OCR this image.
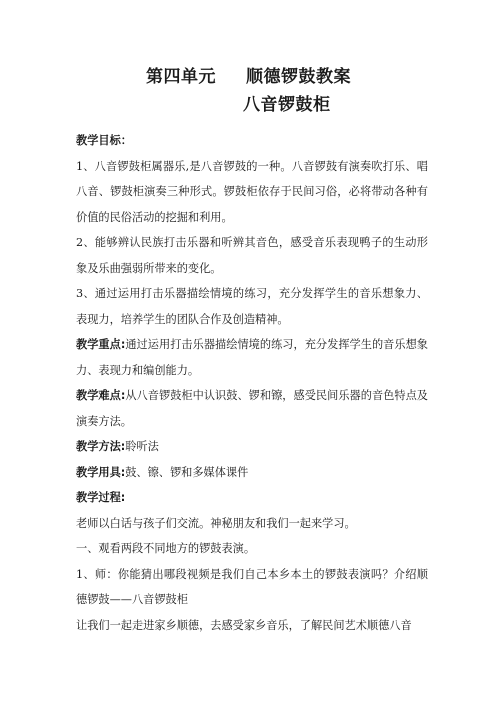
第四单元 顺德锣鼓教案
八音锣鼓柜

教学目标：

1、八音锣鼓柜属器乐,是八音锣鼓的一种。八音锣鼓有演奏吹打乐、唱八音、锣鼓柜演奏三种形式。锣鼓柜依存于民间习俗，必将带动各种有价值的民俗活动的挖掘和利用。

2、能够辨认民族打击乐器和听辨其音色，感受音乐表现鸭子的生动形象及乐曲强弱所带来的变化。

3、通过运用打击乐器描绘情境的练习，充分发挥学生的音乐想象力、表现力，培养学生的团队合作及创造精神。

教学重点:通过运用打击乐器描绘情境的练习，充分发挥学生的音乐想象力、表现力和编创能力。

教学难点:从八音锣鼓柜中认识鼓、锣和镲，感受民间乐器的音色特点及演奏方法。

教学方法:聆听法

教学用具:鼓、镲、锣和多媒体课件

教学过程:

老师以白话与孩子们交流。神秘朋友和我们一起来学习。

一、观看两段不同地方的锣鼓表演。

1、师：你能猜出哪段视频是我们自己本乡本土的锣鼓表演吗？介绍顺德锣鼓——八音锣鼓柜

让我们一起走进家乡顺德，去感受家乡音乐，了解民间艺术顺德八音
